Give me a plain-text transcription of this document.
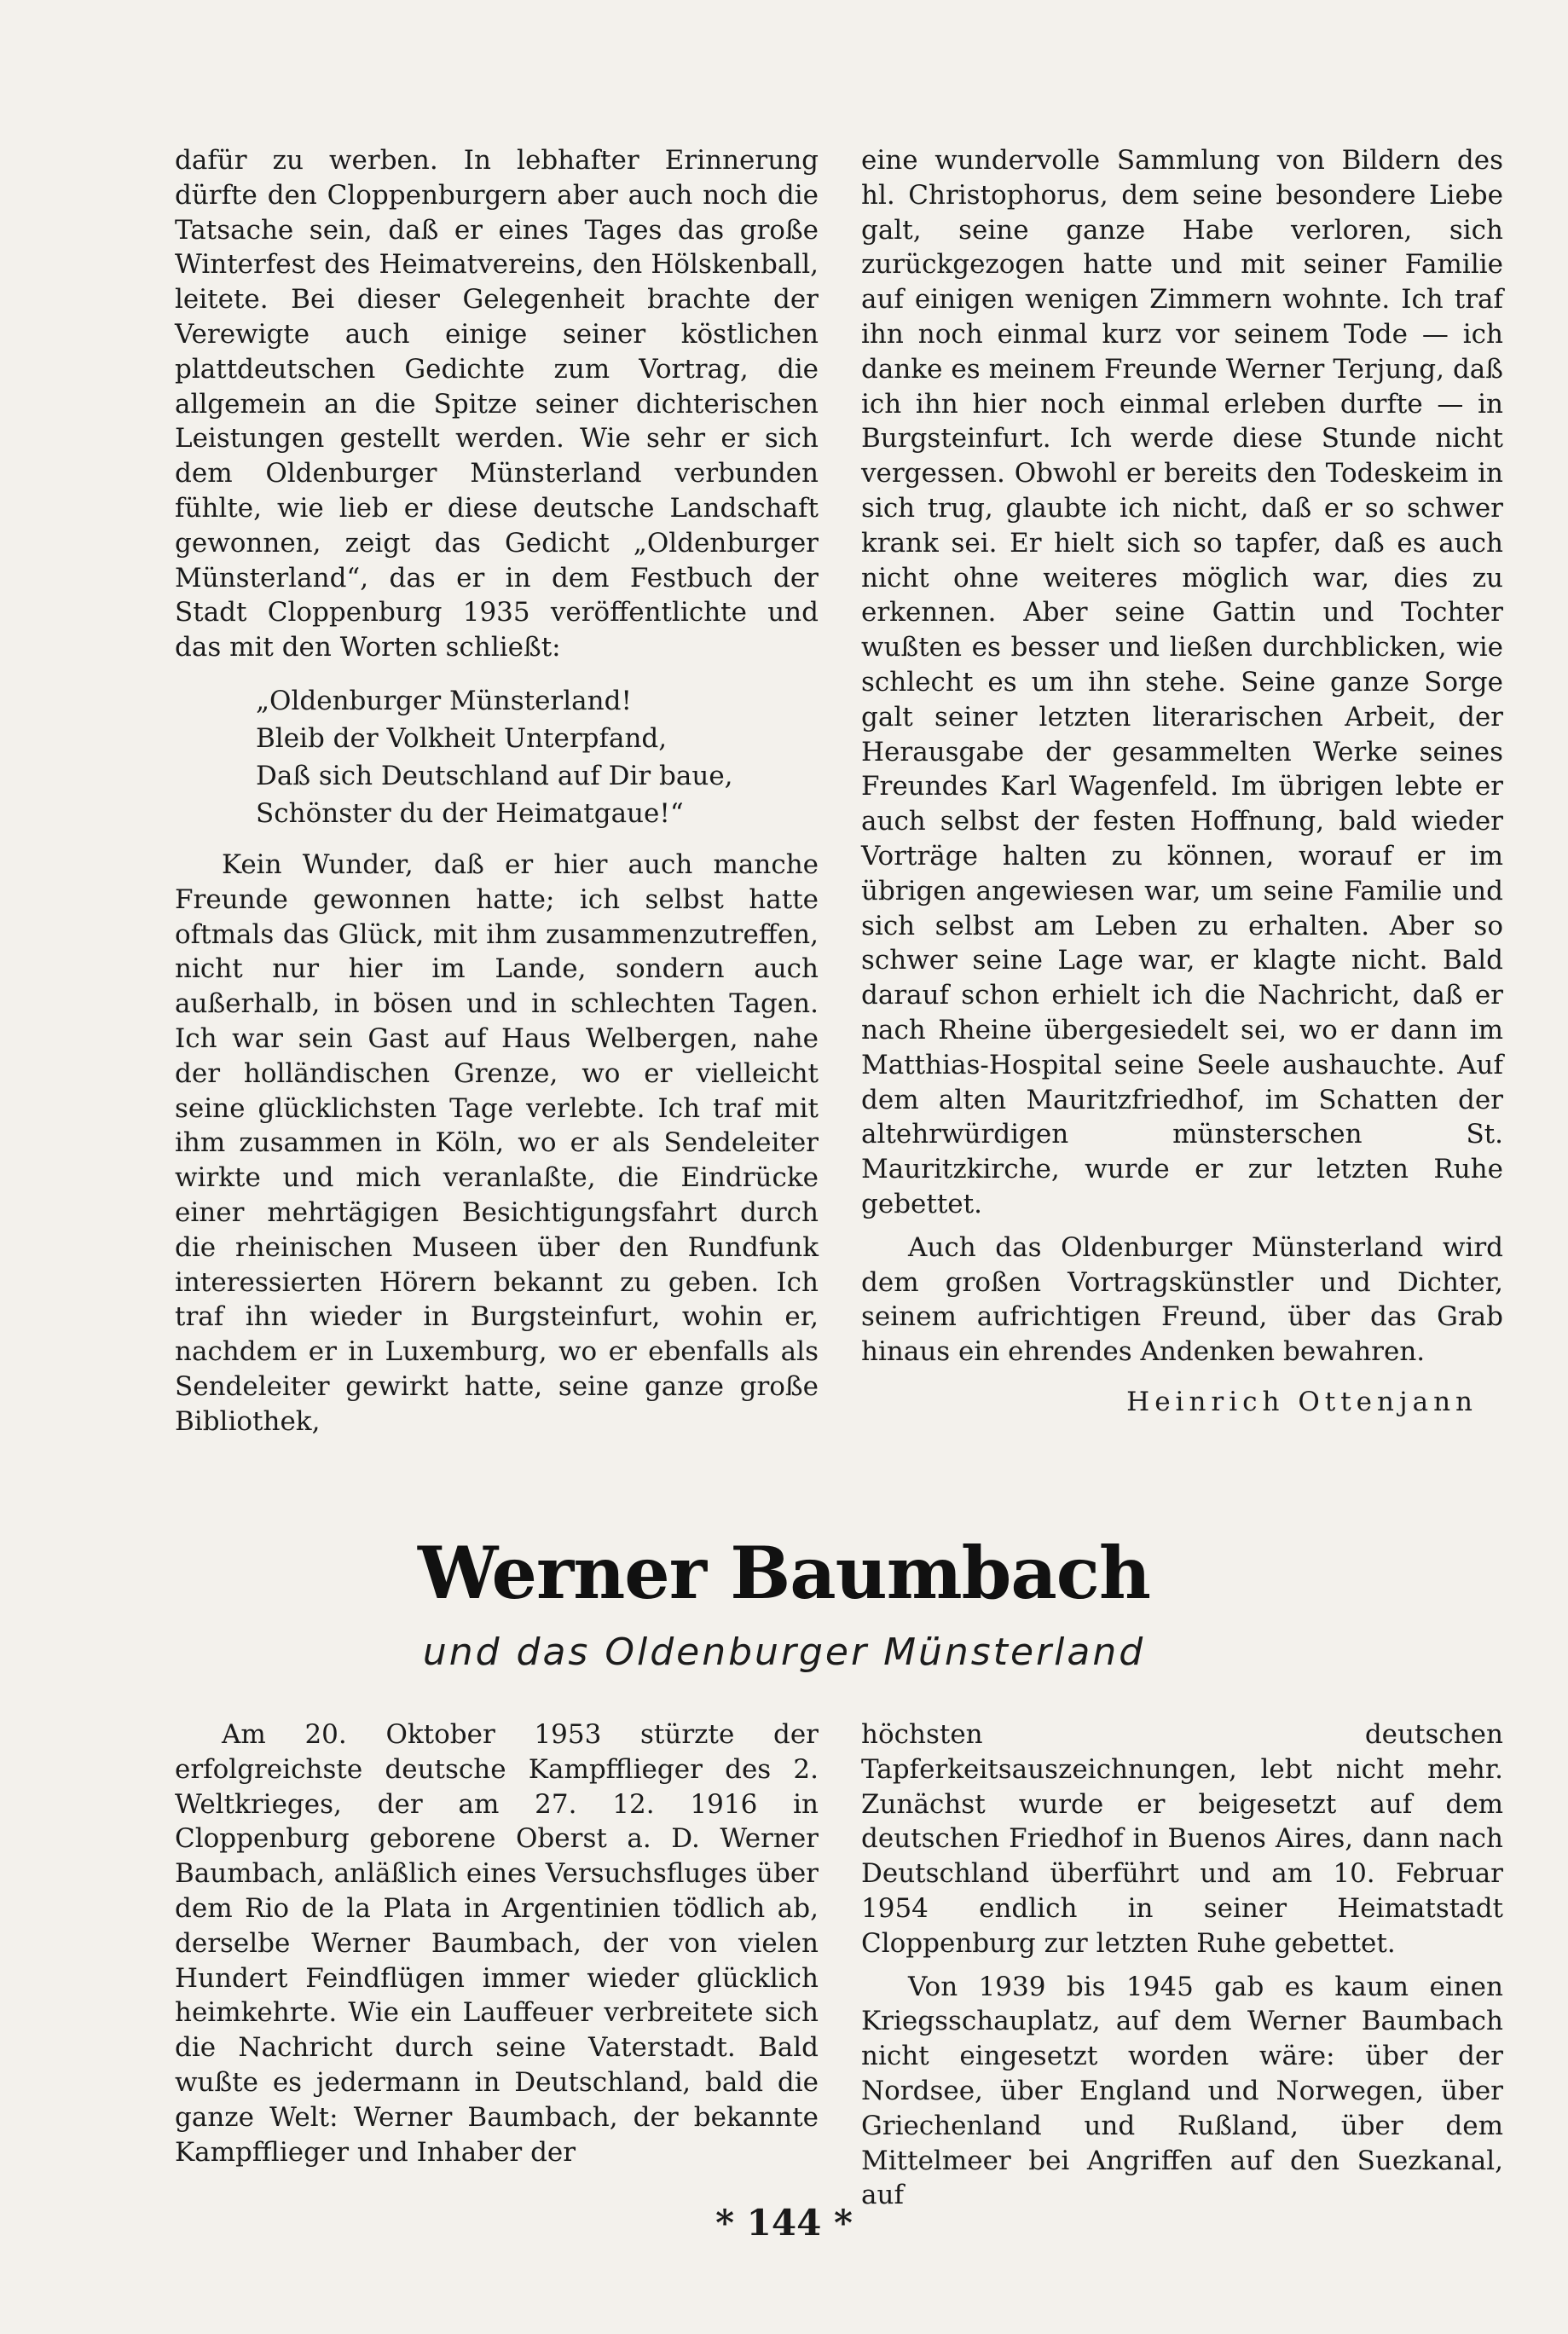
dafür zu werben. In lebhafter Erinnerung dürfte den Cloppenburgern aber auch noch die Tatsache sein, daß er eines Tages das große Winterfest des Heimatvereins, den Hölskenball, leitete. Bei dieser Gelegenheit brachte der Verewigte auch einige seiner köstlichen plattdeutschen Gedichte zum Vortrag, die allgemein an die Spitze seiner dichterischen Leistungen gestellt werden. Wie sehr er sich dem Oldenburger Münsterland verbunden fühlte, wie lieb er diese deutsche Landschaft gewonnen, zeigt das Gedicht „Oldenburger Münsterland“, das er in dem Festbuch der Stadt Cloppenburg 1935 veröffentlichte und das mit den Worten schließt:

„Oldenburger Münsterland!
Bleib der Volkheit Unterpfand,
Daß sich Deutschland auf Dir baue,
Schönster du der Heimatgaue!“

Kein Wunder, daß er hier auch manche Freunde gewonnen hatte; ich selbst hatte oftmals das Glück, mit ihm zusammenzutreffen, nicht nur hier im Lande, sondern auch außerhalb, in bösen und in schlechten Tagen. Ich war sein Gast auf Haus Welbergen, nahe der holländischen Grenze, wo er vielleicht seine glücklichsten Tage verlebte. Ich traf mit ihm zusammen in Köln, wo er als Sendeleiter wirkte und mich veranlaßte, die Eindrücke einer mehrtägigen Besichtigungsfahrt durch die rheinischen Museen über den Rundfunk interessierten Hörern bekannt zu geben. Ich traf ihn wieder in Burgsteinfurt, wohin er, nachdem er in Luxemburg, wo er ebenfalls als Sendeleiter gewirkt hatte, seine ganze große Bibliothek,

eine wundervolle Sammlung von Bildern des hl. Christophorus, dem seine besondere Liebe galt, seine ganze Habe verloren, sich zurückgezogen hatte und mit seiner Familie auf einigen wenigen Zimmern wohnte. Ich traf ihn noch einmal kurz vor seinem Tode — ich danke es meinem Freunde Werner Terjung, daß ich ihn hier noch einmal erleben durfte — in Burgsteinfurt. Ich werde diese Stunde nicht vergessen. Obwohl er bereits den Todeskeim in sich trug, glaubte ich nicht, daß er so schwer krank sei. Er hielt sich so tapfer, daß es auch nicht ohne weiteres möglich war, dies zu erkennen. Aber seine Gattin und Tochter wußten es besser und ließen durchblicken, wie schlecht es um ihn stehe. Seine ganze Sorge galt seiner letzten literarischen Arbeit, der Herausgabe der gesammelten Werke seines Freundes Karl Wagenfeld. Im übrigen lebte er auch selbst der festen Hoffnung, bald wieder Vorträge halten zu können, worauf er im übrigen angewiesen war, um seine Familie und sich selbst am Leben zu erhalten. Aber so schwer seine Lage war, er klagte nicht. Bald darauf schon erhielt ich die Nachricht, daß er nach Rheine übergesiedelt sei, wo er dann im Matthias-Hospital seine Seele aushauchte. Auf dem alten Mauritzfriedhof, im Schatten der altehrwürdigen münsterschen St. Mauritzkirche, wurde er zur letzten Ruhe gebettet.

Auch das Oldenburger Münsterland wird dem großen Vortragskünstler und Dichter, seinem aufrichtigen Freund, über das Grab hinaus ein ehrendes Andenken bewahren.

Heinrich Ottenjann
Werner Baumbach
und das Oldenburger Münsterland

Am 20. Oktober 1953 stürzte der erfolgreichste deutsche Kampfflieger des 2. Weltkrieges, der am 27. 12. 1916 in Cloppenburg geborene Oberst a. D. Werner Baumbach, anläßlich eines Versuchsfluges über dem Rio de la Plata in Argentinien tödlich ab, derselbe Werner Baumbach, der von vielen Hundert Feindflügen immer wieder glücklich heimkehrte. Wie ein Lauffeuer verbreitete sich die Nachricht durch seine Vaterstadt. Bald wußte es jedermann in Deutschland, bald die ganze Welt: Werner Baumbach, der bekannte Kampfflieger und Inhaber der

höchsten deutschen Tapferkeitsauszeichnungen, lebt nicht mehr. Zunächst wurde er beigesetzt auf dem deutschen Friedhof in Buenos Aires, dann nach Deutschland überführt und am 10. Februar 1954 endlich in seiner Heimatstadt Cloppenburg zur letzten Ruhe gebettet.

Von 1939 bis 1945 gab es kaum einen Kriegsschauplatz, auf dem Werner Baumbach nicht eingesetzt worden wäre: über der Nordsee, über England und Norwegen, über Griechenland und Rußland, über dem Mittelmeer bei Angriffen auf den Suezkanal, auf

* 144 *
